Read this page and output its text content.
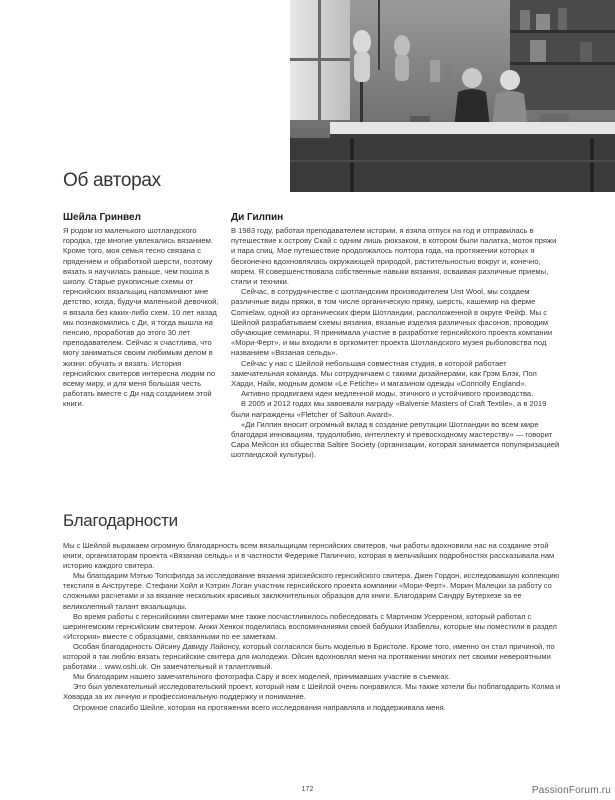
Об авторах
Шейла Гринвел

Я родом из маленького шотландского городка, где многие увлекались вязанием. Кроме того, моя семья тесно связана с прядением и обработкой шерсти, поэтому вязать я научилась раньше, чем пошла в школу. Старые рукописные схемы от гернсийских вязальщиц напоминают мне детство, когда, будучи маленькой девочкой, я вязала без каких-либо схем. 10 лет назад мы познакомились с Ди, я тогда вышла на пенсию, проработав до этого 30 лет преподавателем. Сейчас я счастлива, что могу заниматься своим любимым делом в жизни: обучать и вязать. История гернсийских свитеров интересна людям по всему миру, и для меня большая честь работать вместе с Ди над созданием этой книги.

Ди Гилпин

В 1983 году, работая преподавателем истории, я взяла отпуск на год и отправилась в путешествие к острову Скай с одним лишь рюкзаком, в котором были палатка, моток пряжи и пара спиц. Мое путешествие продолжалось полтора года, на протяжении которых я бесконечно вдохновлялась окружающей природой, растительностью вокруг и, конечно, морем. Я совершенствовала собственные навыки вязания, осваивая различные приемы, стили и техники.

Сейчас, в сотрудничестве с шотландским производителем Uist Wool, мы создаем различные виды пряжи, в том числе органическую пряжу, шерсть, кашемир на ферме Comielaw, одной из органических ферм Шотландии, расположенной в округе Фейф. Мы с Шейлой разрабатываем схемы вязания, вязаные изделия различных фасонов, проводим обучающие семинары. Я принимала участие в разработке гернсийского проекта компании «Мори-Ферт», и мы входили в оргкомитет проекта Шотландского музея рыболовства под названием «Вязаная сельдь».

Сейчас у нас с Шейлой небольшая совместная студия, в которой работает замечательная команда. Мы сотрудничаем с такими дизайнерами, как Грэм Блэк, Пол Харди, Найк, модным домом «Le Fetiche» и магазином одежды «Connolly England».

Активно продвигаем идеи медленной моды, этичного и устойчивого производства.

В 2005 и 2012 годах мы завоевали награду «Balvenie Masters of Craft Textile», а в 2019 были награждены «Fletcher of Saltoun Award».

«Ди Гилпин вносит огромный вклад в создание репутации Шотландии во всем мире благодаря инновациям, трудолюбию, интеллекту и превосходному мастерству» — говорит Сара Мейсон из общества Saltire Society (организации, которая занимается популяризацией шотландской культуры).

Благодарности

Мы с Шейлой выражаем огромную благодарность всем вязальщицам гернсийских свитеров, чьи работы вдохновили нас на создание этой книги, организаторам проекта «Вязаная сельдь» и в частности Федерике Папиччио, которая в мельчайших подробностях рассказывала нам историю каждого свитера.

Мы благодарим Мэтью Топсфилда за исследование вязания эрискейского гернсийского свитера. Джен Гордон, исследовавшую коллекцию текстиля в Анструтере. Стефани Хойл и Кэтрин Логан участник гернсийского проекта компании «Мори-Ферт». Морин Малецки за работу со сложными расчетами и за вязание нескольких красивых заключительных образцов для книги. Благодарим Сандру Бутерхезе за ее великолепный талант вязальщицы.

Во время работы с гернсийскими свитерами мне также посчастливилось побеседовать с Мартином Усерреном, который работал с шерингемским гернсийским свитером. Анжи Хенкок поделилась воспоминаниями своей бабушки Изабеллы, которые мы поместили в раздел «История» вместе с образцами, связанными по ее заметкам.

Особая благодарность Ойсину Давиду Лайонсу, который согласился быть моделью в Бристоле. Кроме того, именно он стал причиной, по которой я так люблю вязать гернсийские свитера для молодежи. Ойсин вдохновлял меня на протяжении многих лет своими невероятными работами... www.oshi.uk. Он замечательный и талантливый.

Мы благодарим нашего замечательного фотографа Сару и всех моделей, принимавших участие в съемках.

Это был увлекательный исследовательский проект, который нам с Шейлой очень понравился. Мы также хотели бы поблагодарить Колма и Ховарда за их личную и профессиональную поддержку и понимание.

Огромное спасибо Шейле, которая на протяжении всего исследования направляла и поддерживала меня.

172	PassionForum.ru
